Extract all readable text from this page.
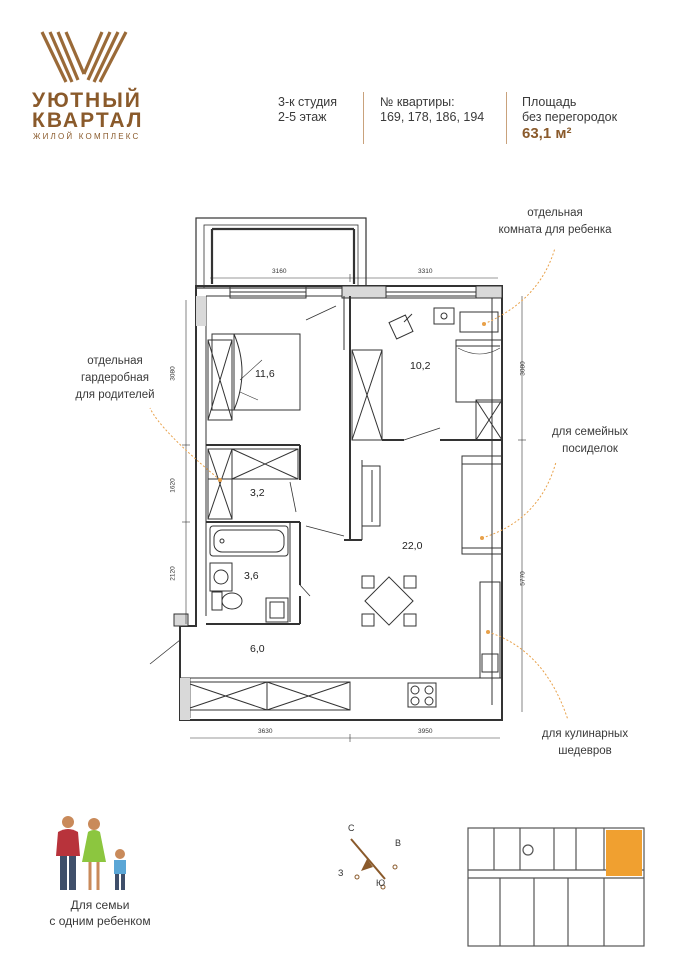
УЮТНЫЙ
КВАРТАЛ
ЖИЛОЙ КОМПЛЕКС
3-к студия
2-5 этаж
№ квартиры:
169, 178, 186, 194
Площадь
без перегородок
63,1 м²
11,6
10,2
3,2
3,6
22,0
6,0
3160	3310
3630	3950
3080
1620
2120
3080
5770
отдельная
комната для ребенка
отдельная
гардеробная
для родителей
для семейных
посиделок
для кулинарных
шедевров
Для семьи
с одним ребенком
С
В
З
Ю
